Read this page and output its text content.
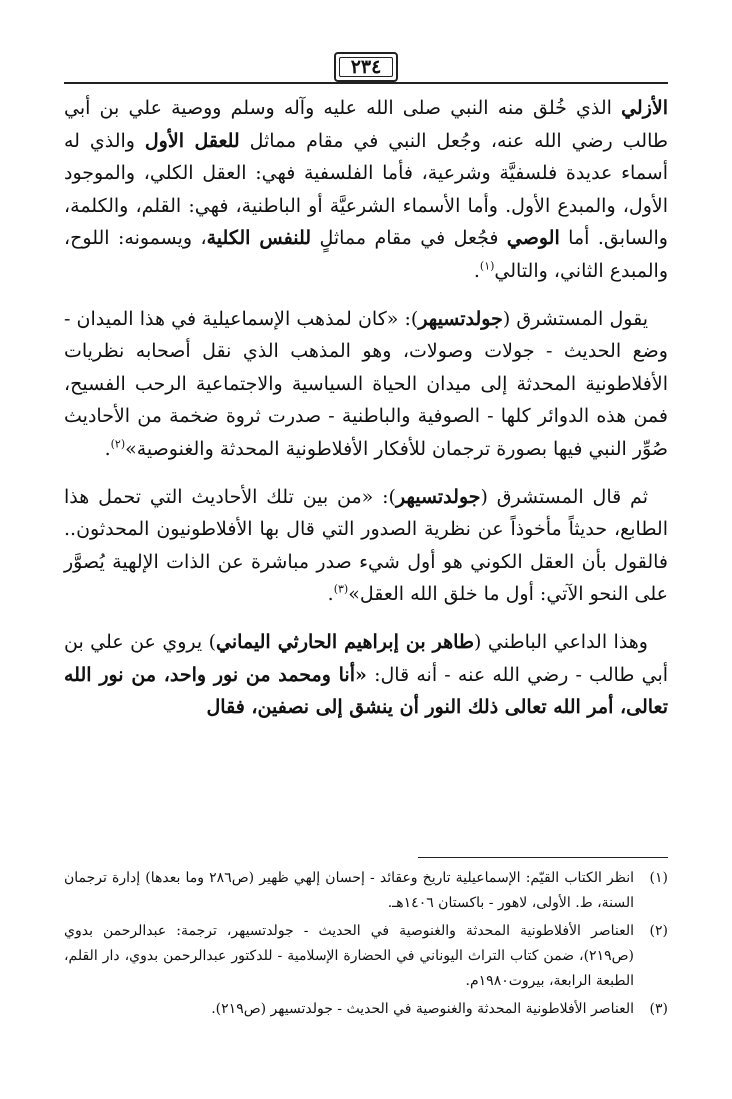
٢٣٤

الأزلي الذي خُلق منه النبي صلى الله عليه وآله وسلم ووصية علي بن أبي طالب رضي الله عنه، وجُعل النبي في مقام مماثل للعقل الأول والذي له أسماء عديدة فلسفيَّة وشرعية، فأما الفلسفية فهي: العقل الكلي، والموجود الأول، والمبدع الأول. وأما الأسماء الشرعيَّة أو الباطنية، فهي: القلم، والكلمة، والسابق. أما الوصي فجُعل في مقام مماثلٍ للنفس الكلية، ويسمونه: اللوح، والمبدع الثاني، والتالي$^{(١)}$.

يقول المستشرق (جولدتسيهر): «كان لمذهب الإسماعيلية في هذا الميدان - وضع الحديث - جولات وصولات، وهو المذهب الذي نقل أصحابه نظريات الأفلاطونية المحدثة إلى ميدان الحياة السياسية والاجتماعية الرحب الفسيح، فمن هذه الدوائر كلها - الصوفية والباطنية - صدرت ثروة ضخمة من الأحاديث صُوِّر النبي فيها بصورة ترجمان للأفكار الأفلاطونية المحدثة والغنوصية»$^{(٢)}$.

ثم قال المستشرق (جولدتسيهر): «من بين تلك الأحاديث التي تحمل هذا الطابع، حديثاً مأخوذاً عن نظرية الصدور التي قال بها الأفلاطونيون المحدثون.. فالقول بأن العقل الكوني هو أول شيء صدر مباشرة عن الذات الإلهية يُصوَّر على النحو الآتي: أول ما خلق الله العقل»$^{(٣)}$.

وهذا الداعي الباطني (طاهر بن إبراهيم الحارثي اليماني) يروي عن علي بن أبي طالب - رضي الله عنه - أنه قال: «أنا ومحمد من نور واحد، من نور الله تعالى، أمر الله تعالى ذلك النور أن ينشق إلى نصفين، فقال

(١)
انظر الكتاب القيّم: الإسماعيلية تاريخ وعقائد - إحسان إلهي ظهير (ص٢٨٦ وما بعدها) إدارة ترجمان السنة، ط. الأولى، لاهور - باكستان ١٤٠٦هـ.
(٢)
العناصر الأفلاطونية المحدثة والغنوصية في الحديث - جولدتسيهر، ترجمة: عبدالرحمن بدوي (ص٢١٩)، ضمن كتاب التراث اليوناني في الحضارة الإسلامية - للدكتور عبدالرحمن بدوي، دار القلم، الطبعة الرابعة، بيروت١٩٨٠م.
(٣)
العناصر الأفلاطونية المحدثة والغنوصية في الحديث - جولدتسيهر (ص٢١٩).
